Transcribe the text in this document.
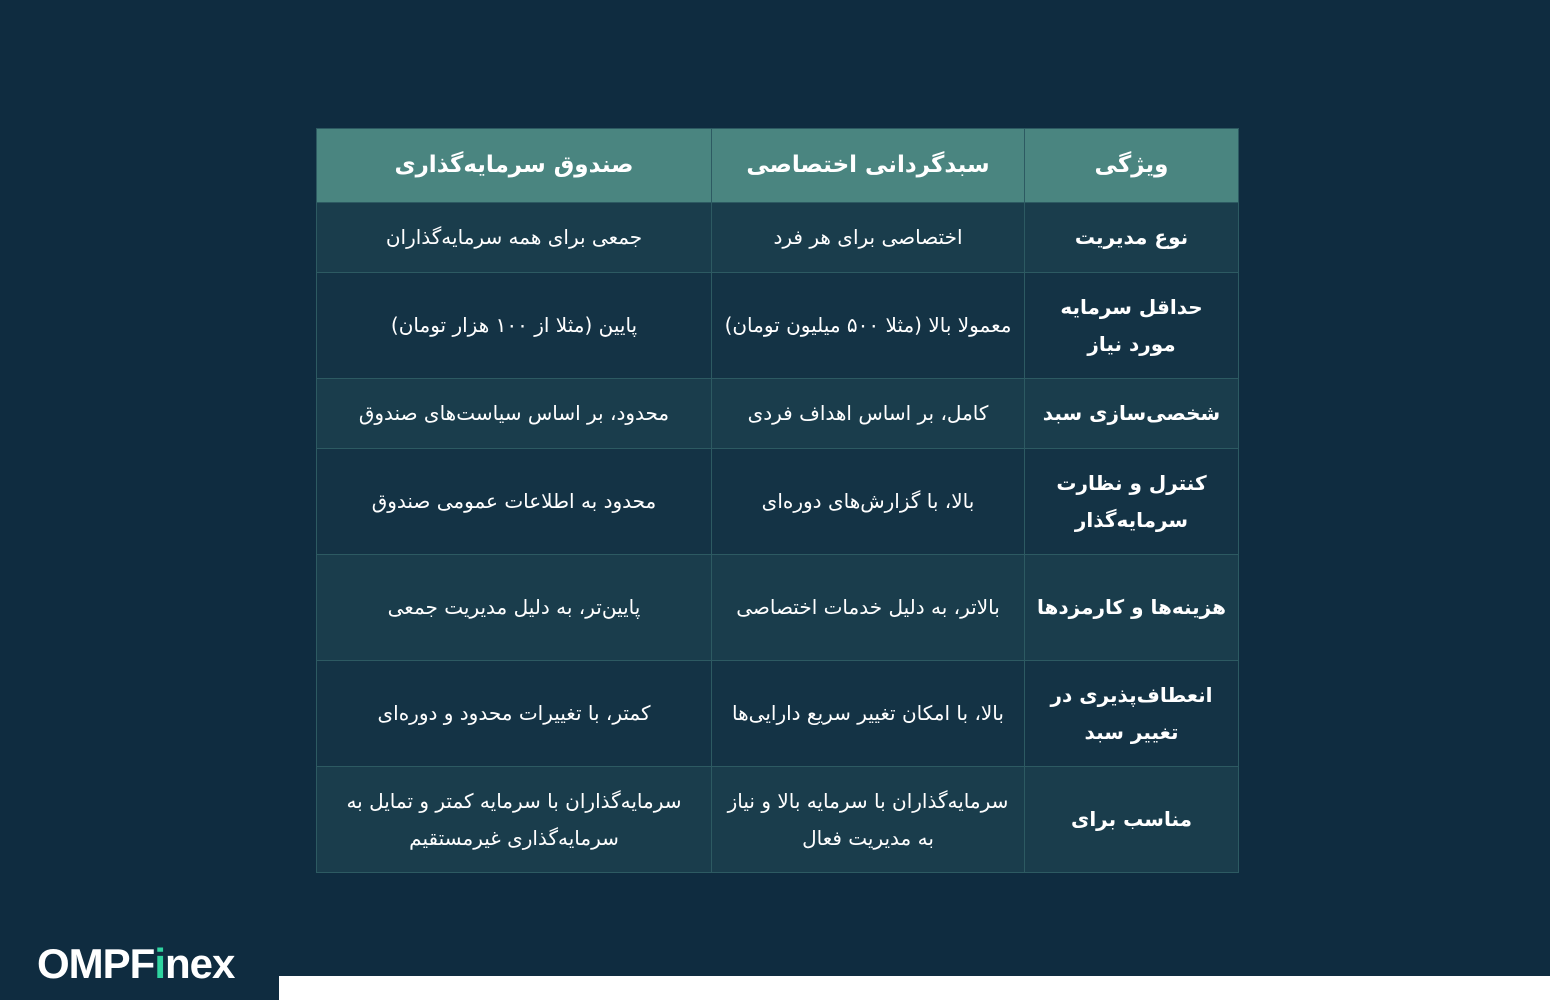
ویژگی	سبدگردانی اختصاصی	صندوق سرمایه‌گذاری
نوع مدیریت	اختصاصی برای هر فرد	جمعی برای همه سرمایه‌گذاران
حداقل سرمایه مورد نیاز	معمولا بالا (مثلا ۵۰۰ میلیون تومان)	پایین (مثلا از ۱۰۰ هزار تومان)
شخصی‌سازی سبد	کامل، بر اساس اهداف فردی	محدود، بر اساس سیاست‌های صندوق
کنترل و نظارت سرمایه‌گذار	بالا، با گزارش‌های دوره‌ای	محدود به اطلاعات عمومی صندوق
هزینه‌ها و کارمزدها	بالاتر، به دلیل خدمات اختصاصی	پایین‌تر، به دلیل مدیریت جمعی
انعطاف‌پذیری در تغییر سبد	بالا، با امکان تغییر سریع دارایی‌ها	کمتر، با تغییرات محدود و دوره‌ای
مناسب برای	سرمایه‌گذاران با سرمایه بالا و نیاز به مدیریت فعال	سرمایه‌گذاران با سرمایه کمتر و تمایل به سرمایه‌گذاری غیرمستقیم
OMPFinex
